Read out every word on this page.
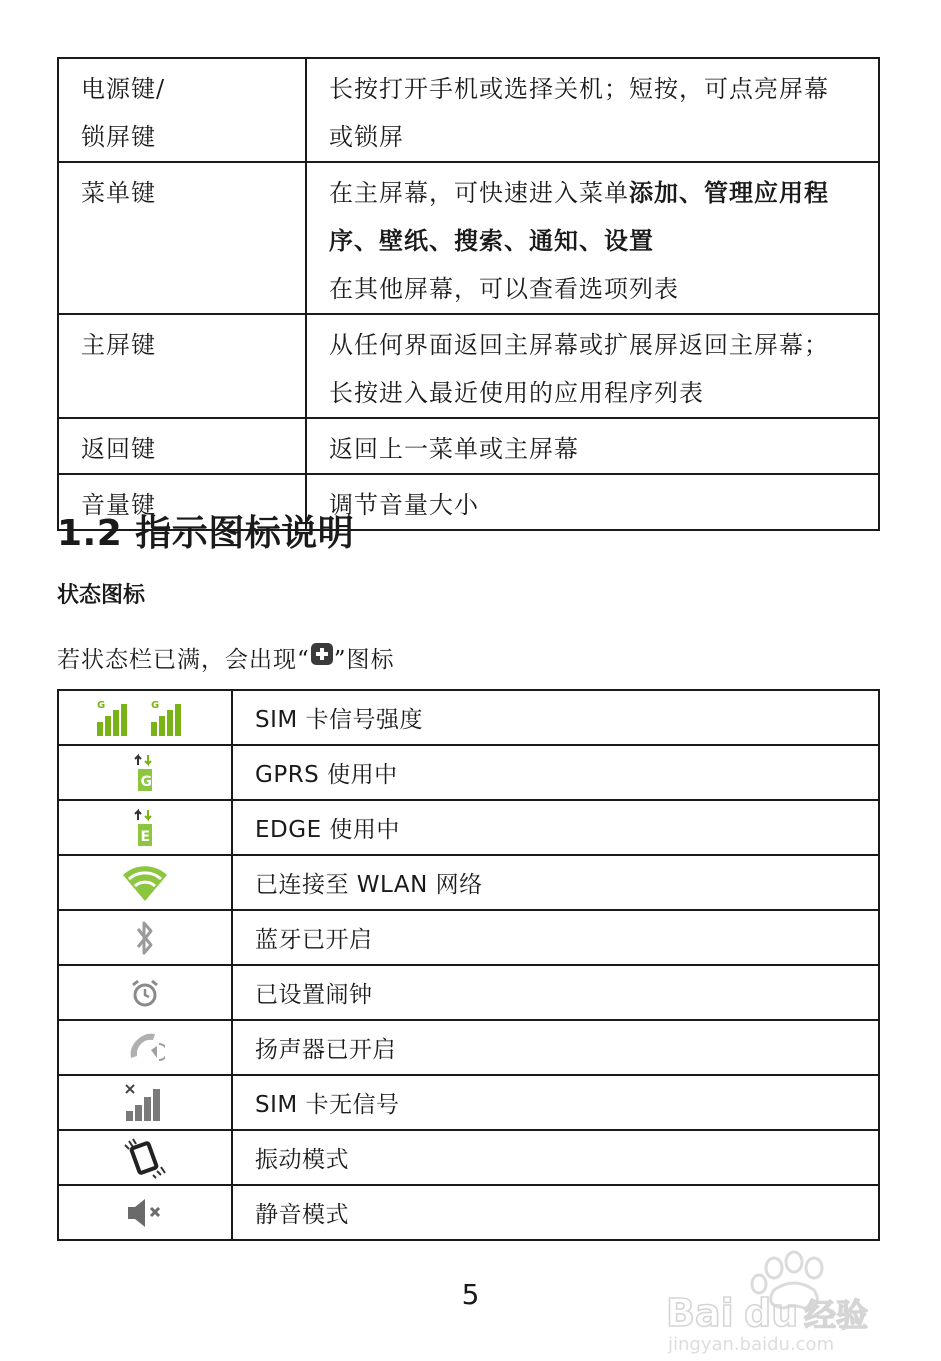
电源键/
锁屏键	长按打开手机或选择关机；短按，可点亮屏幕
或锁屏

菜单键	在主屏幕，可快速进入菜单添加、管理应用程
序、壁纸、搜索、通知、设置
在其他屏幕，可以查看选项列表

主屏键	从任何界面返回主屏幕或扩展屏返回主屏幕；
长按进入最近使用的应用程序列表

返回键	返回上一菜单或主屏幕

音量键	调节音量大小
1.2 指示图标说明
状态图标
若状态栏已满，会出现“ ”图标
G G	SIM 卡信号强度

G	GPRS 使用中

E	EDGE 使用中
	已连接至 WLAN 网络
	蓝牙已开启
	已设置闹钟
	扬声器已开启
	SIM 卡无信号
	振动模式
	静音模式
5	Bai du 经验
jingyan.baidu.com
